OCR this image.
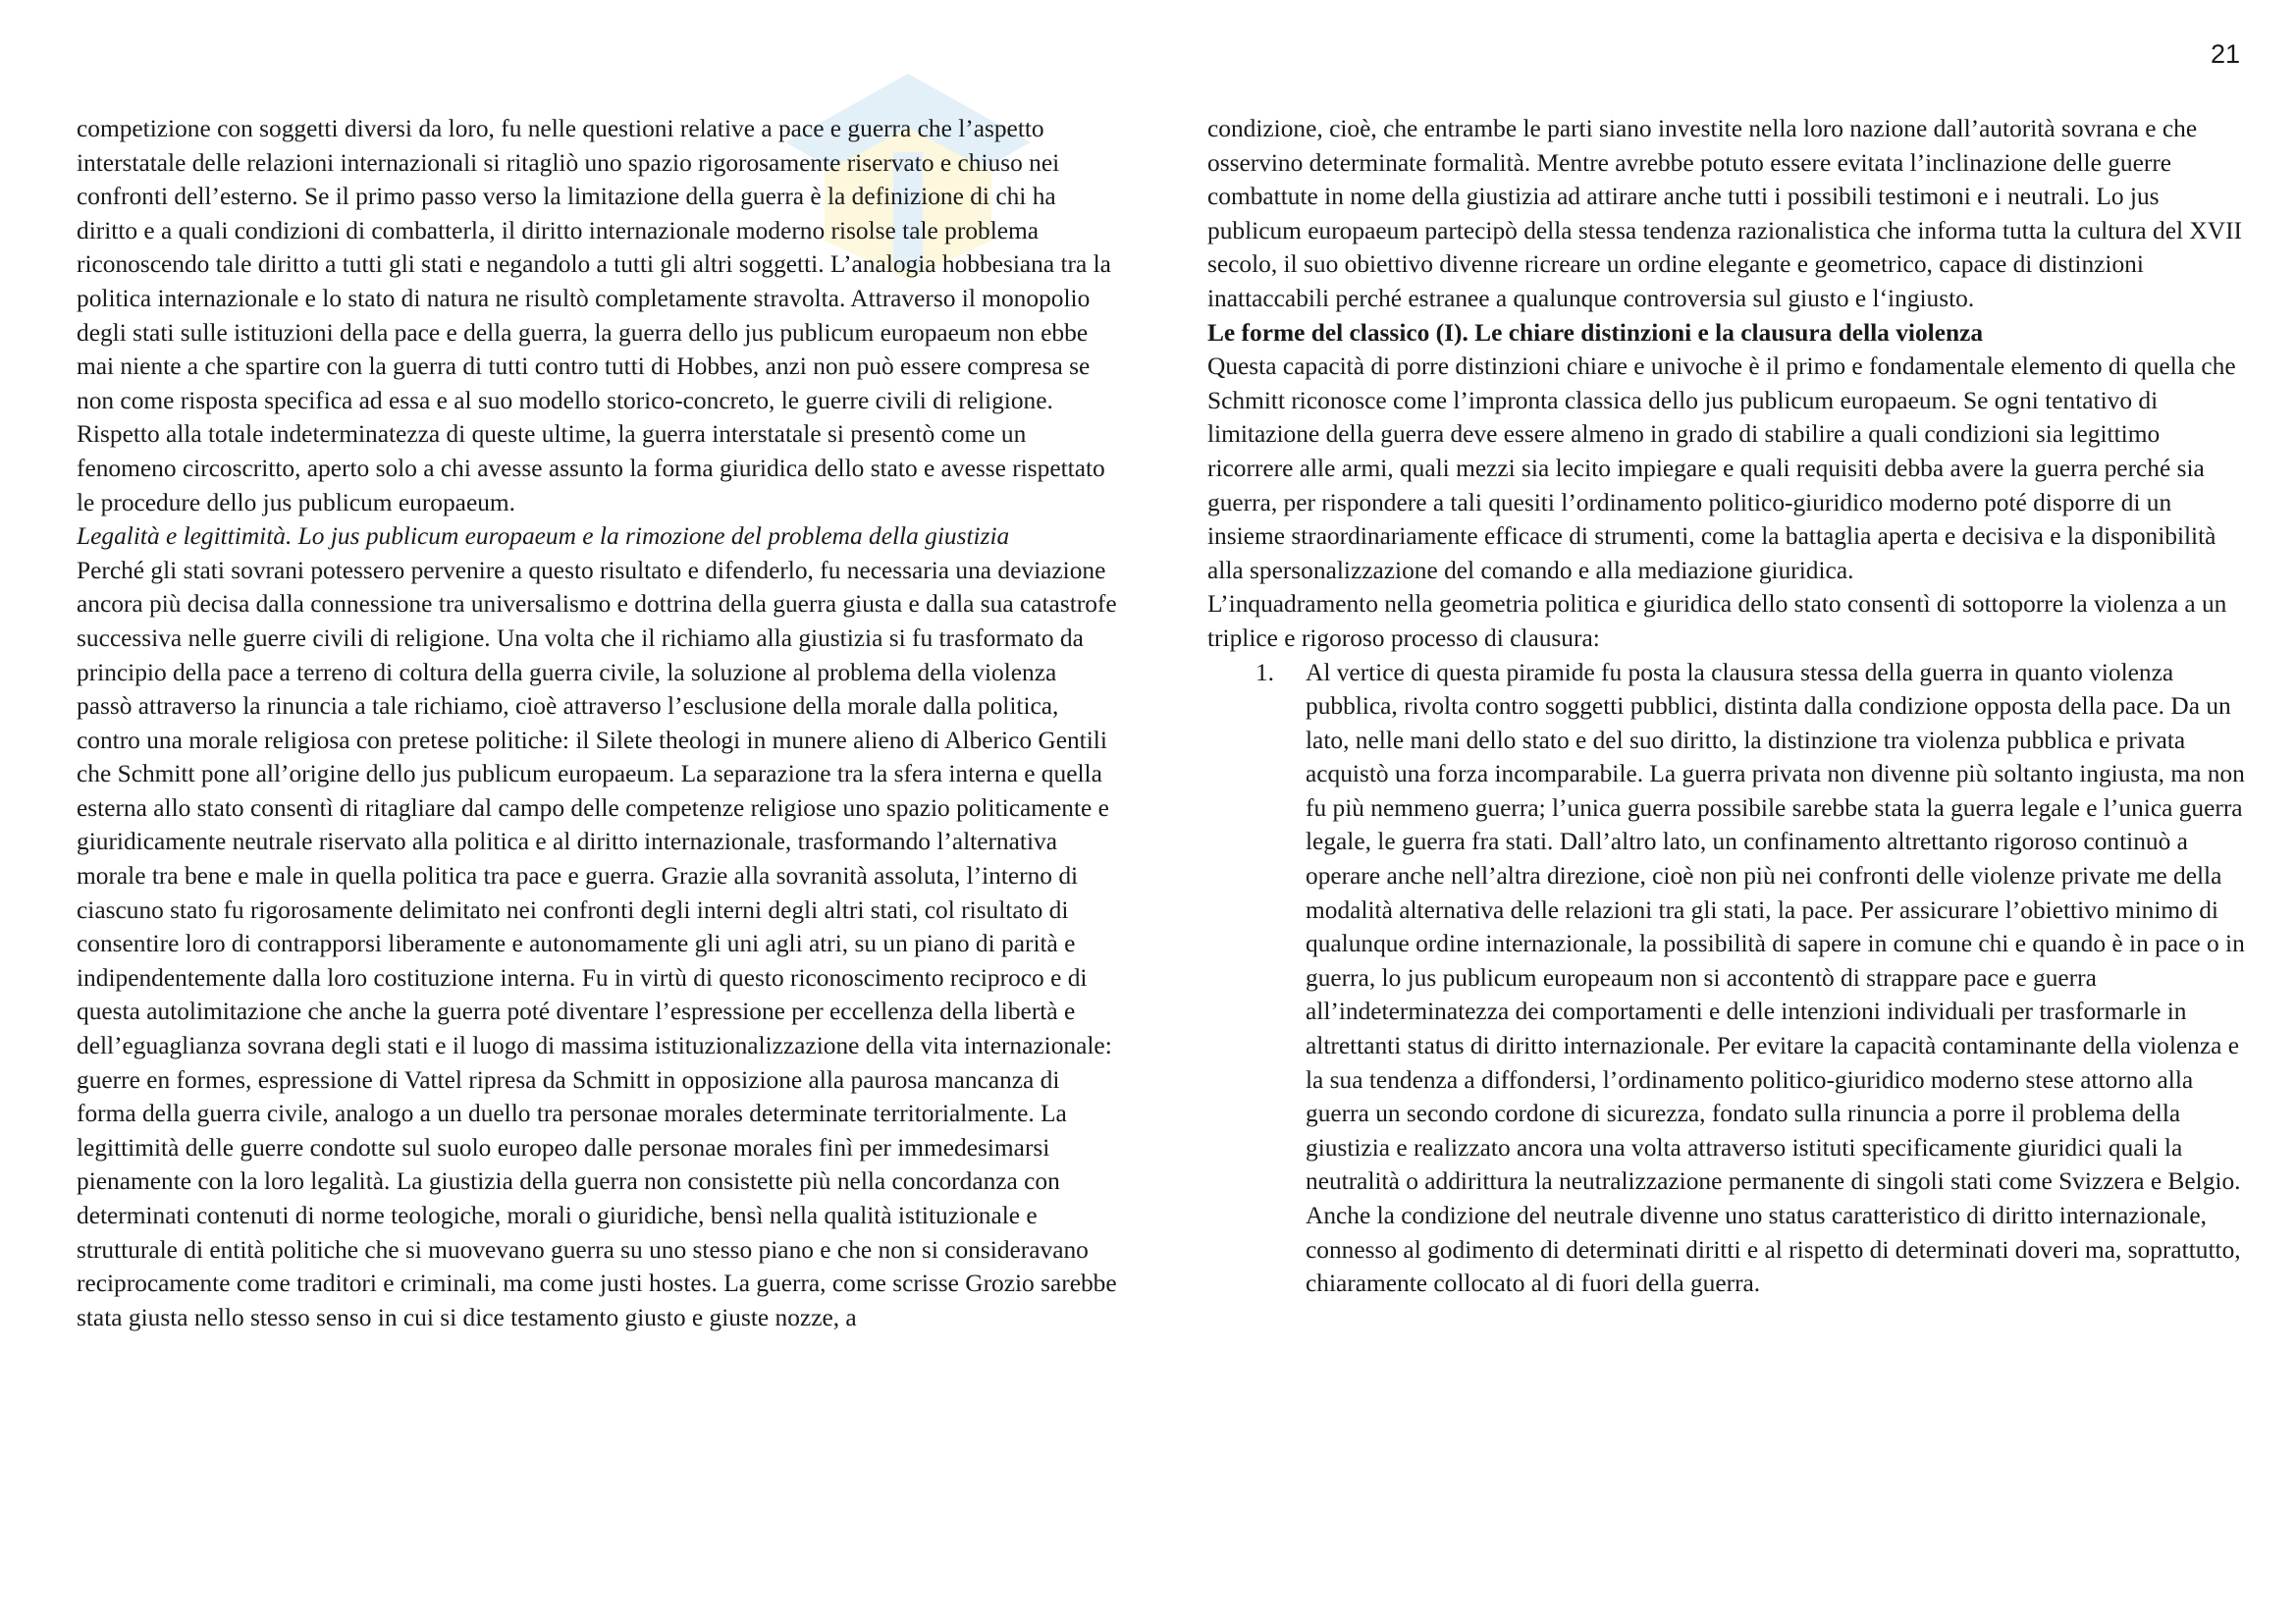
21

competizione con soggetti diversi da loro, fu nelle questioni relative a pace e guerra che l’aspetto interstatale delle relazioni internazionali si ritagliò uno spazio rigorosamente riservato e chiuso nei confronti dell’esterno. Se il primo passo verso la limitazione della guerra è la definizione di chi ha diritto e a quali condizioni di combatterla, il diritto internazionale moderno risolse tale problema riconoscendo tale diritto a tutti gli stati e negandolo a tutti gli altri soggetti. L’analogia hobbesiana tra la politica internazionale e lo stato di natura ne risultò completamente stravolta. Attraverso il monopolio degli stati sulle istituzioni della pace e della guerra, la guerra dello jus publicum europaeum non ebbe mai niente a che spartire con la guerra di tutti contro tutti di Hobbes, anzi non può essere compresa se non come risposta specifica ad essa e al suo modello storico-concreto, le guerre civili di religione. Rispetto alla totale indeterminatezza di queste ultime, la guerra interstatale si presentò come un fenomeno circoscritto, aperto solo a chi avesse assunto la forma giuridica dello stato e avesse rispettato le procedure dello jus publicum europaeum.

Legalità e legittimità. Lo jus publicum europaeum e la rimozione del problema della giustizia

Perché gli stati sovrani potessero pervenire a questo risultato e difenderlo, fu necessaria una deviazione ancora più decisa dalla connessione tra universalismo e dottrina della guerra giusta e dalla sua catastrofe successiva nelle guerre civili di religione. Una volta che il richiamo alla giustizia si fu trasformato da principio della pace a terreno di coltura della guerra civile, la soluzione al problema della violenza passò attraverso la rinuncia a tale richiamo, cioè attraverso l’esclusione della morale dalla politica, contro una morale religiosa con pretese politiche: il Silete theologi in munere alieno di Alberico Gentili che Schmitt pone all’origine dello jus publicum europaeum. La separazione tra la sfera interna e quella esterna allo stato consentì di ritagliare dal campo delle competenze religiose uno spazio politicamente e giuridicamente neutrale riservato alla politica e al diritto internazionale, trasformando l’alternativa morale tra bene e male in quella politica tra pace e guerra. Grazie alla sovranità assoluta, l’interno di ciascuno stato fu rigorosamente delimitato nei confronti degli interni degli altri stati, col risultato di consentire loro di contrapporsi liberamente e autonomamente gli uni agli atri, su un piano di parità e indipendentemente dalla loro costituzione interna. Fu in virtù di questo riconoscimento reciproco e di questa autolimitazione che anche la guerra poté diventare l’espressione per eccellenza della libertà e dell’eguaglianza sovrana degli stati e il luogo di massima istituzionalizzazione della vita internazionale: guerre en formes, espressione di Vattel ripresa da Schmitt in opposizione alla paurosa mancanza di forma della guerra civile, analogo a un duello tra personae morales determinate territorialmente. La legittimità delle guerre condotte sul suolo europeo dalle personae morales finì per immedesimarsi pienamente con la loro legalità. La giustizia della guerra non consistette più nella concordanza con determinati contenuti di norme teologiche, morali o giuridiche, bensì nella qualità istituzionale e strutturale di entità politiche che si muovevano guerra su uno stesso piano e che non si consideravano reciprocamente come traditori e criminali, ma come justi hostes. La guerra, come scrisse Grozio sarebbe stata giusta nello stesso senso in cui si dice testamento giusto e giuste nozze, a

condizione, cioè, che entrambe le parti siano investite nella loro nazione dall’autorità sovrana e che osservino determinate formalità. Mentre avrebbe potuto essere evitata l’inclinazione delle guerre combattute in nome della giustizia ad attirare anche tutti i possibili testimoni e i neutrali. Lo jus publicum europaeum partecipò della stessa tendenza razionalistica che informa tutta la cultura del XVII secolo, il suo obiettivo divenne ricreare un ordine elegante e geometrico, capace di distinzioni inattaccabili perché estranee a qualunque controversia sul giusto e l‘ingiusto.

Le forme del classico (I). Le chiare distinzioni e la clausura della violenza

Questa capacità di porre distinzioni chiare e univoche è il primo e fondamentale elemento di quella che Schmitt riconosce come l’impronta classica dello jus publicum europaeum. Se ogni tentativo di limitazione della guerra deve essere almeno in grado di stabilire a quali condizioni sia legittimo ricorrere alle armi, quali mezzi sia lecito impiegare e quali requisiti debba avere la guerra perché sia guerra, per rispondere a tali quesiti l’ordinamento politico-giuridico moderno poté disporre di un insieme straordinariamente efficace di strumenti, come la battaglia aperta e decisiva e la disponibilità alla spersonalizzazione del comando e alla mediazione giuridica.

L’inquadramento nella geometria politica e giuridica dello stato consentì di sottoporre la violenza a un triplice e rigoroso processo di clausura:

1.	Al vertice di questa piramide fu posta la clausura stessa della guerra in quanto violenza pubblica, rivolta contro soggetti pubblici, distinta dalla condizione opposta della pace. Da un lato, nelle mani dello stato e del suo diritto, la distinzione tra violenza pubblica e privata acquistò una forza incomparabile. La guerra privata non divenne più soltanto ingiusta, ma non fu più nemmeno guerra; l’unica guerra possibile sarebbe stata la guerra legale e l’unica guerra legale, le guerra fra stati. Dall’altro lato, un confinamento altrettanto rigoroso continuò a operare anche nell’altra direzione, cioè non più nei confronti delle violenze private me della modalità alternativa delle relazioni tra gli stati, la pace. Per assicurare l’obiettivo minimo di qualunque ordine internazionale, la possibilità di sapere in comune chi e quando è in pace o in guerra, lo jus publicum europeaum non si accontentò di strappare pace e guerra all’indeterminatezza dei comportamenti e delle intenzioni individuali per trasformarle in altrettanti status di diritto internazionale. Per evitare la capacità contaminante della violenza e la sua tendenza a diffondersi, l’ordinamento politico-giuridico moderno stese attorno alla guerra un secondo cordone di sicurezza, fondato sulla rinuncia a porre il problema della giustizia e realizzato ancora una volta attraverso istituti specificamente giuridici quali la neutralità o addirittura la neutralizzazione permanente di singoli stati come Svizzera e Belgio. Anche la condizione del neutrale divenne uno status caratteristico di diritto internazionale, connesso al godimento di determinati diritti e al rispetto di determinati doveri ma, soprattutto, chiaramente collocato al di fuori della guerra.
